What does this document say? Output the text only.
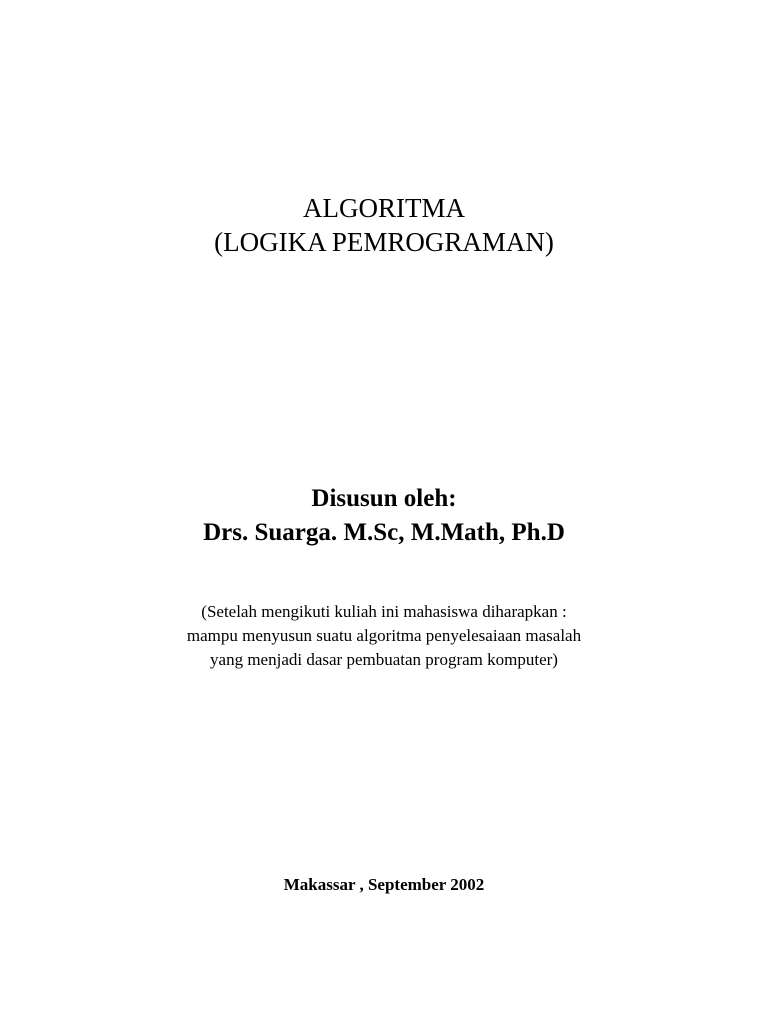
ALGORITMA
(LOGIKA PEMROGRAMAN)
Disusun oleh:
Drs. Suarga. M.Sc, M.Math, Ph.D
(Setelah mengikuti kuliah ini mahasiswa diharapkan :
mampu menyusun suatu algoritma penyelesaiaan masalah
yang menjadi dasar pembuatan program komputer)
Makassar , September 2002
